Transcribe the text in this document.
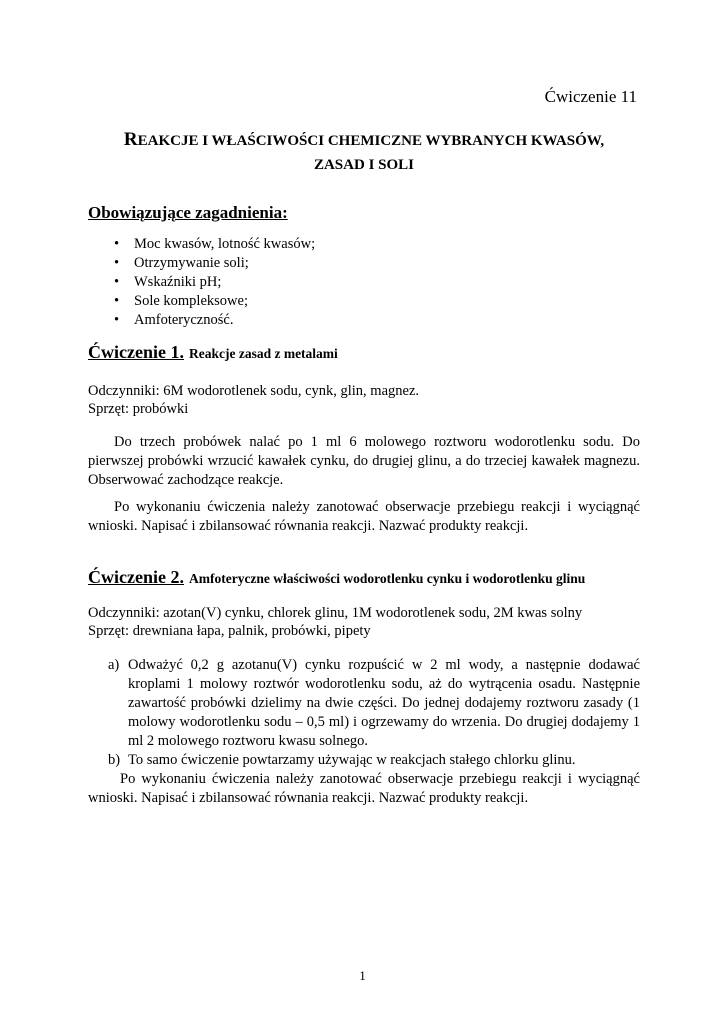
Ćwiczenie 11
REAKCJE I WŁAŚCIWOŚCI CHEMICZNE WYBRANYCH KWASÓW,
ZASAD I SOLI
Obowiązujące zagadnienia:
• Moc kwasów, lotność kwasów;
• Otrzymywanie soli;
• Wskaźniki pH;
• Sole kompleksowe;
• Amfoteryczność.
Ćwiczenie 1. Reakcje zasad z metalami
Odczynniki: 6M wodorotlenek sodu, cynk, glin, magnez.
Sprzęt: probówki
Do trzech probówek nalać po 1 ml 6 molowego roztworu wodorotlenku sodu. Do pierwszej probówki wrzucić kawałek cynku, do drugiej glinu, a do trzeciej kawałek magnezu. Obserwować zachodzące reakcje.
Po wykonaniu ćwiczenia należy zanotować obserwacje przebiegu reakcji i wyciągnąć wnioski. Napisać i zbilansować równania reakcji. Nazwać produkty reakcji.
Ćwiczenie 2. Amfoteryczne właściwości wodorotlenku cynku i wodorotlenku glinu
Odczynniki: azotan(V) cynku, chlorek glinu, 1M wodorotlenek sodu, 2M kwas solny
Sprzęt: drewniana łapa, palnik, probówki, pipety
a) Odważyć 0,2 g azotanu(V) cynku rozpuścić w 2 ml wody, a następnie dodawać kroplami 1 molowy roztwór wodorotlenku sodu, aż do wytrącenia osadu. Następnie zawartość probówki dzielimy na dwie części. Do jednej dodajemy roztworu zasady (1 molowy wodorotlenku sodu – 0,5 ml) i ogrzewamy do wrzenia. Do drugiej dodajemy 1 ml 2 molowego roztworu kwasu solnego.
b) To samo ćwiczenie powtarzamy używając w reakcjach stałego chlorku glinu.
Po wykonaniu ćwiczenia należy zanotować obserwacje przebiegu reakcji i wyciągnąć wnioski. Napisać i zbilansować równania reakcji. Nazwać produkty reakcji.
1
